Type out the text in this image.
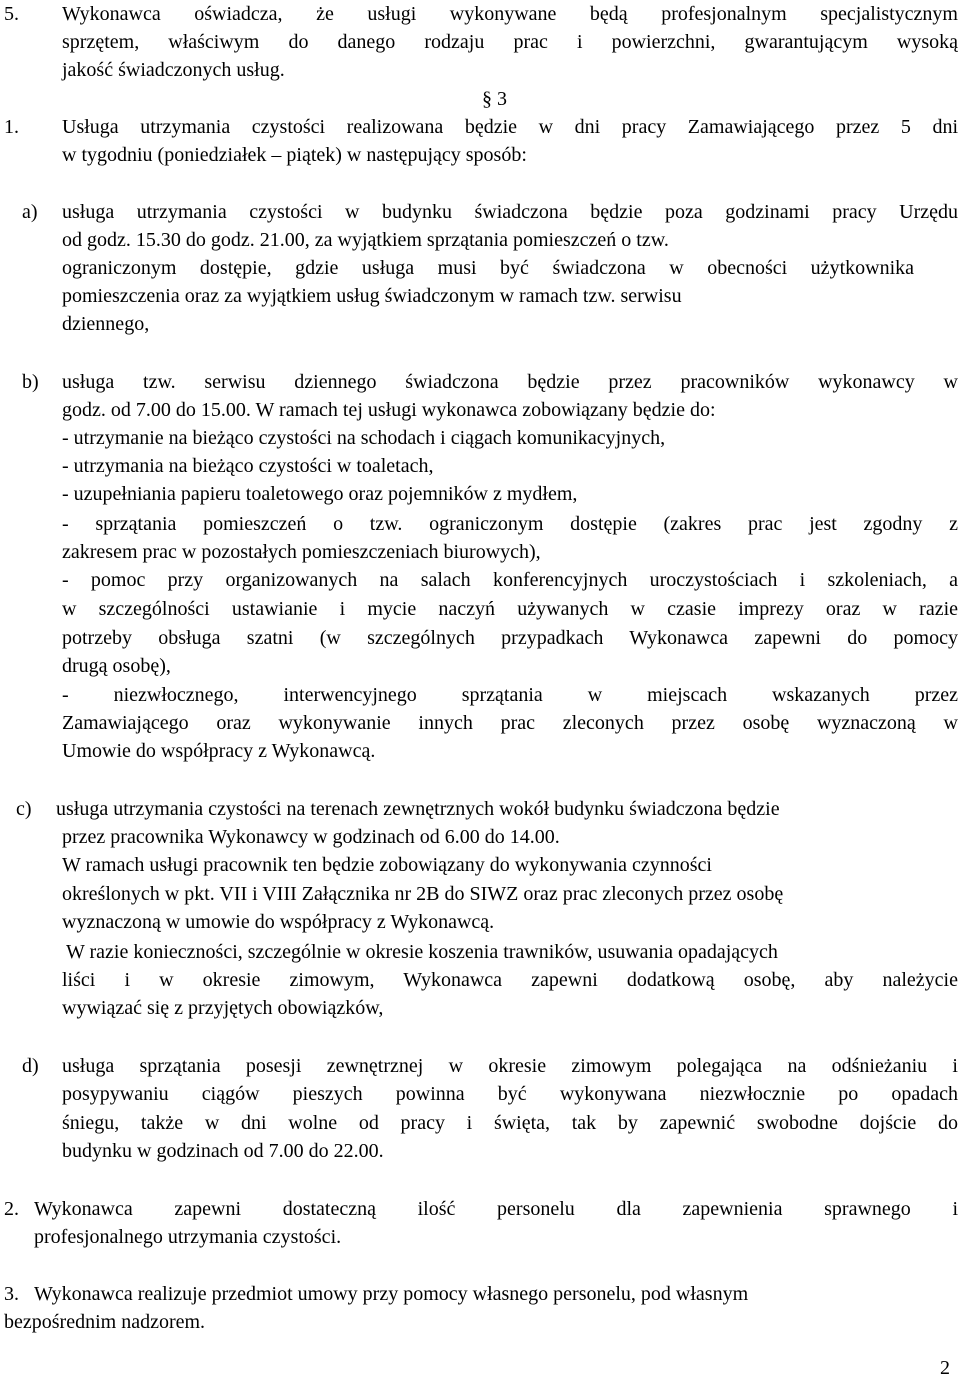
5. Wykonawca oświadcza, że usługi wykonywane będą profesjonalnym specjalistycznym

sprzętem, właściwym do danego rodzaju prac i powierzchni, gwarantującym wysoką

jakość świadczonych usług.

§ 3

1. Usługa utrzymania czystości realizowana będzie w dni pracy Zamawiającego przez 5 dni

w tygodniu (poniedziałek – piątek) w następujący sposób:

a) usługa utrzymania czystości w budynku świadczona będzie poza godzinami pracy Urzędu

od godz. 15.30 do godz. 21.00, za wyjątkiem sprzątania pomieszczeń o tzw.

ograniczonym dostępie, gdzie usługa musi być świadczona w obecności użytkownika

pomieszczenia oraz za wyjątkiem usług świadczonym w ramach tzw. serwisu

dziennego,

b) usługa tzw. serwisu dziennego świadczona będzie przez pracowników wykonawcy w

godz. od 7.00 do 15.00. W ramach tej usługi wykonawca zobowiązany będzie do:

- utrzymanie na bieżąco czystości na schodach i ciągach komunikacyjnych,

- utrzymania na bieżąco czystości w toaletach,

- uzupełniania papieru toaletowego oraz pojemników z mydłem,

- sprzątania pomieszczeń o tzw. ograniczonym dostępie (zakres prac jest zgodny z

zakresem prac w pozostałych pomieszczeniach biurowych),

- pomoc przy organizowanych na salach konferencyjnych uroczystościach i szkoleniach, a

w szczególności ustawianie i mycie naczyń używanych w czasie imprezy oraz w razie

potrzeby obsługa szatni (w szczególnych przypadkach Wykonawca zapewni do pomocy

drugą osobę),

- niezwłocznego, interwencyjnego sprzątania w miejscach wskazanych przez

Zamawiającego oraz wykonywanie innych prac zleconych przez osobę wyznaczoną w

Umowie do współpracy z Wykonawcą.

c) usługa utrzymania czystości na terenach zewnętrznych wokół budynku świadczona będzie

przez pracownika Wykonawcy w godzinach od 6.00 do 14.00.

W ramach usługi pracownik ten będzie zobowiązany do wykonywania czynności

określonych w pkt. VII i VIII Załącznika nr 2B do SIWZ oraz prac zleconych przez osobę

wyznaczoną w umowie do współpracy z Wykonawcą.

W razie konieczności, szczególnie w okresie koszenia trawników, usuwania opadających

liści i w okresie zimowym, Wykonawca zapewni dodatkową osobę, aby należycie

wywiązać się z przyjętych obowiązków,

d) usługa sprzątania posesji zewnętrznej w okresie zimowym polegająca na odśnieżaniu i

posypywaniu ciągów pieszych powinna być wykonywana niezwłocznie po opadach

śniegu, także w dni wolne od pracy i święta, tak by zapewnić swobodne dojście do

budynku w godzinach od 7.00 do 22.00.

2. Wykonawca zapewni dostateczną ilość personelu dla zapewnienia sprawnego i

profesjonalnego utrzymania czystości.

3. Wykonawca realizuje przedmiot umowy przy pomocy własnego personelu, pod własnym

bezpośrednim nadzorem.

2
